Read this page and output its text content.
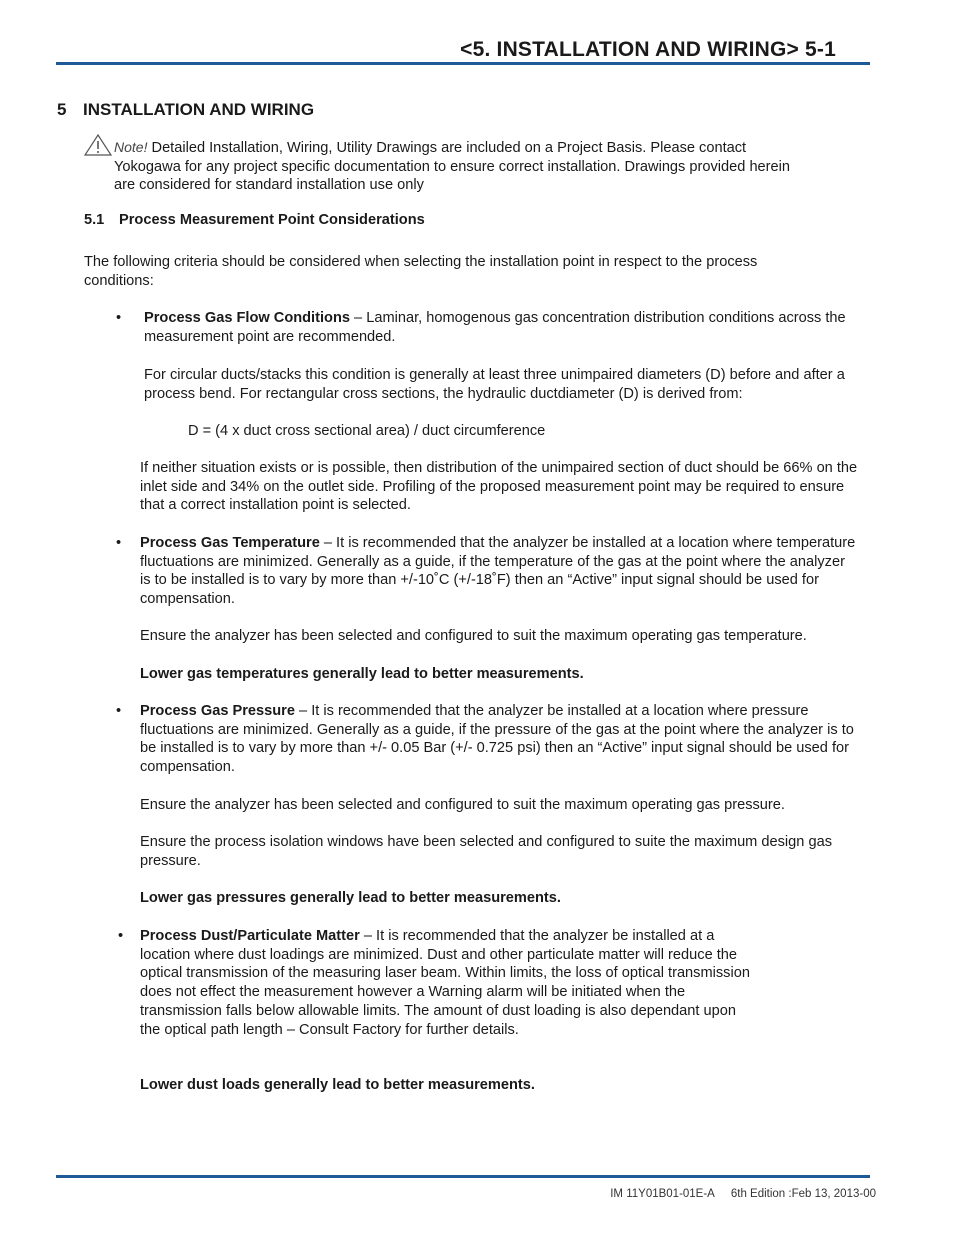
<5. INSTALLATION AND WIRING> 5-1
5 INSTALLATION AND WIRING
Note! Detailed Installation, Wiring, Utility Drawings are included on a Project Basis. Please contact
Yokogawa for any project specific documentation to ensure correct installation. Drawings provided herein
are considered for standard installation use only
5.1 Process Measurement Point Considerations
The following criteria should be considered when selecting the installation point in respect to the process conditions:
• Process Gas Flow Conditions – Laminar, homogenous gas concentration distribution conditions across the measurement point are recommended.
For circular ducts/stacks this condition is generally at least three unimpaired diameters (D) before and after a process bend. For rectangular cross sections, the hydraulic ductdiameter (D) is derived from:
D = (4 x duct cross sectional area) / duct circumference
If neither situation exists or is possible, then distribution of the unimpaired section of duct should be 66% on the inlet side and 34% on the outlet side. Profiling of the proposed measurement point may be required to ensure that a correct installation point is selected.
• Process Gas Temperature – It is recommended that the analyzer be installed at a location where temperature fluctuations are minimized. Generally as a guide, if the temperature of the gas at the point where the analyzer is to be installed is to vary by more than +/-10˚C (+/-18˚F) then an “Active” input signal should be used for compensation.
Ensure the analyzer has been selected and configured to suit the maximum operating gas temperature.
Lower gas temperatures generally lead to better measurements.
• Process Gas Pressure – It is recommended that the analyzer be installed at a location where pressure fluctuations are minimized. Generally as a guide, if the pressure of the gas at the point where the analyzer is to be installed is to vary by more than +/- 0.05 Bar (+/- 0.725 psi) then an “Active” input signal should be used for compensation.
Ensure the analyzer has been selected and configured to suit the maximum operating gas pressure.
Ensure the process isolation windows have been selected and configured to suite the maximum design gas pressure.
Lower gas pressures generally lead to better measurements.
• Process Dust/Particulate Matter – It is recommended that the analyzer be installed at a location where dust loadings are minimized. Dust and other particulate matter will reduce the optical transmission of the measuring laser beam. Within limits, the loss of optical transmission does not effect the measurement however a Warning alarm will be initiated when the transmission falls below allowable limits. The amount of dust loading is also dependant upon the optical path length – Consult Factory for further details.
Lower dust loads generally lead to better measurements.
IM 11Y01B01-01E-A 6th Edition :Feb 13, 2013-00
